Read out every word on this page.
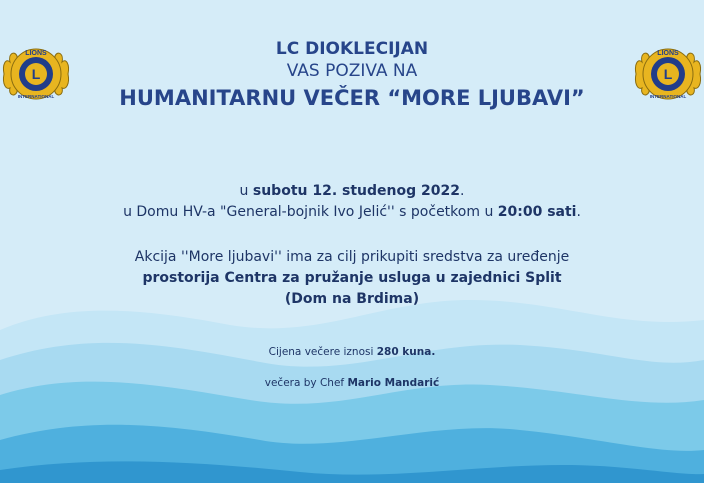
L
LIONS
INTERNATIONAL
L
LIONS
INTERNATIONAL
LC DIOKLECIJAN
VAS POZIVA NA
HUMANITARNU VEČER “MORE LJUBAVI”
u subotu 12. studenog 2022.
u Domu HV-a "General-bojnik Ivo Jelić'' s početkom u 20:00 sati.
Akcija ''More ljubavi'' ima za cilj prikupiti sredstva za uređenje
prostorija Centra za pružanje usluga u zajednici Split
(Dom na Brdima)
Cijena večere iznosi 280 kuna.
večera by Chef Mario Mandarić
